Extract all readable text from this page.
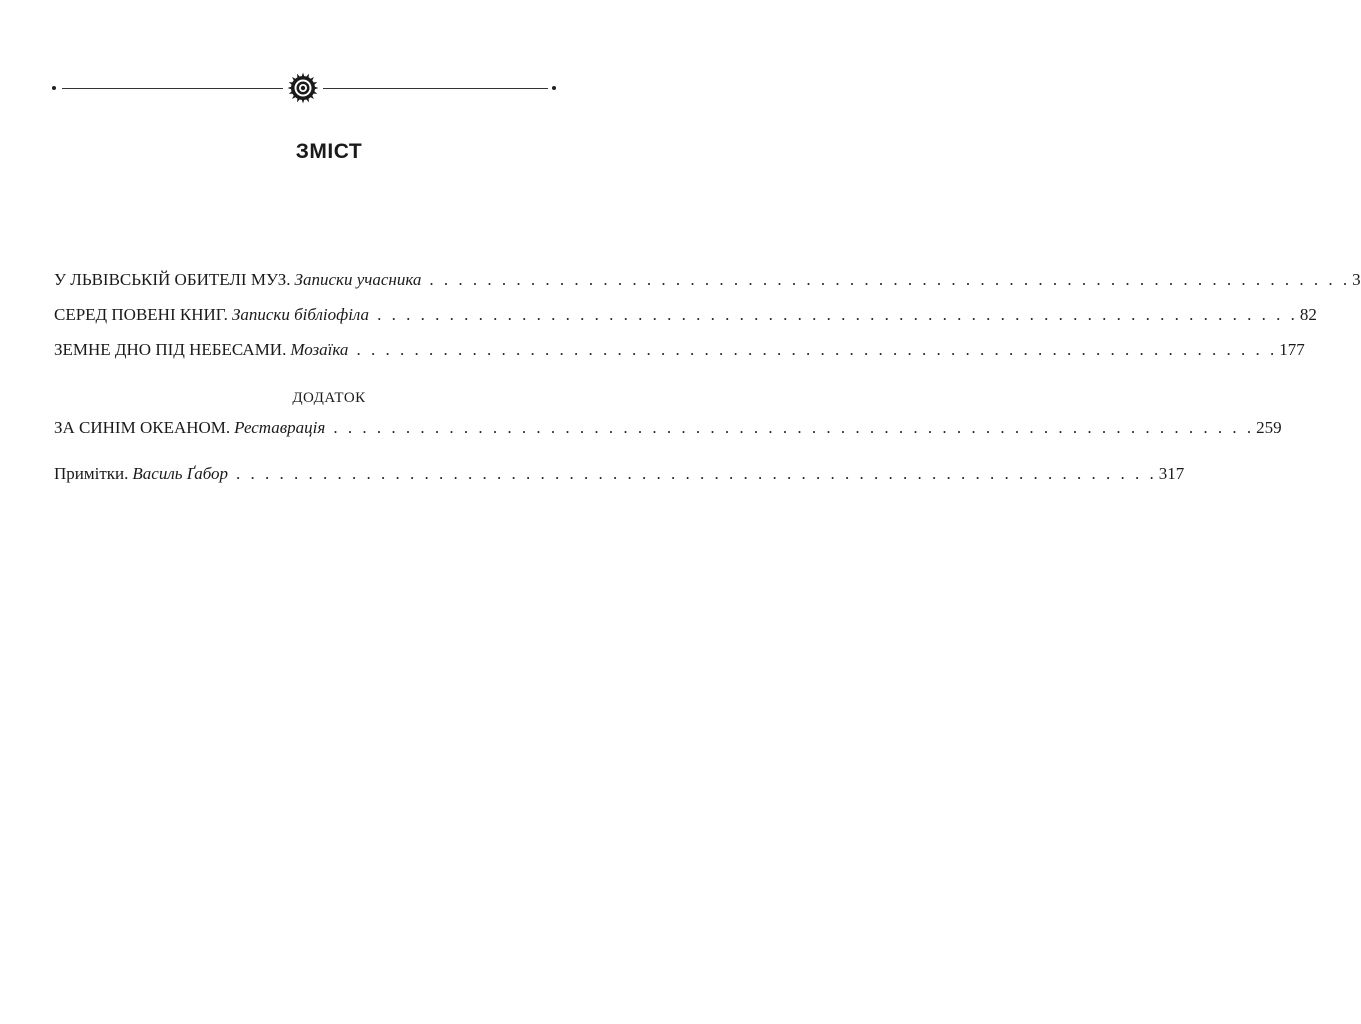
ЗМІСТ
У ЛЬВІВСЬКІЙ ОБИТЕЛІ МУЗ. Записки учасника . . . . . . . . . . . . . . . . . . . . . . . . . . . . . . . . . . . . . . . . . . . . . . . . . . . . . . . . . . . . . . . . 3
СЕРЕД ПОВЕНІ КНИГ. Записки бібліофіла . . . . . . . . . . . . . . . . . . . . . . . . . . . . . . . . . . . . . . . . . . . . . . . . . . . . . . . . . . . . . . . . 82
ЗЕМНЕ ДНО ПІД НЕБЕСАМИ. Мозаїка . . . . . . . . . . . . . . . . . . . . . . . . . . . . . . . . . . . . . . . . . . . . . . . . . . . . . . . . . . . . . . . . 177
ЗА СИНІМ ОКЕАНОМ. Реставрація . . . . . . . . . . . . . . . . . . . . . . . . . . . . . . . . . . . . . . . . . . . . . . . . . . . . . . . . . . . . . . . . 259
Примітки. Василь Ґабор . . . . . . . . . . . . . . . . . . . . . . . . . . . . . . . . . . . . . . . . . . . . . . . . . . . . . . . . . . . . . . . . 317
ДОДАТОК
